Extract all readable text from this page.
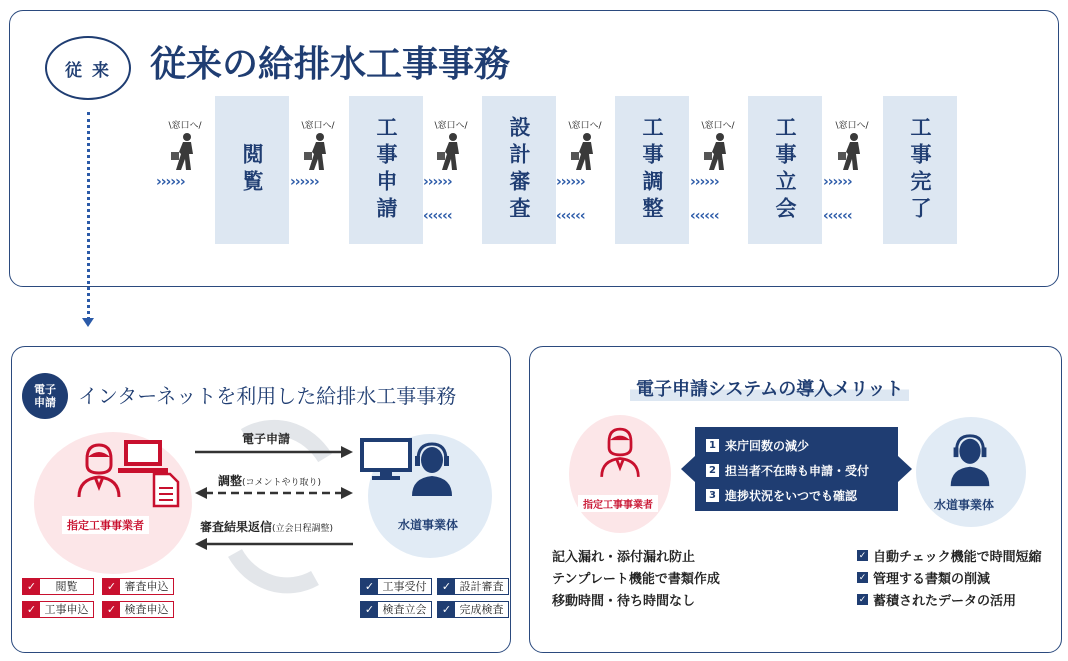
従 来	従来の給排水工事事務
閲覧	工事申請	設計審査	工事調整	工事立会	工事完了
\窓口へ/	\窓口へ/	\窓口へ/	\窓口へ/	\窓口へ/	\窓口へ/
››››››	››››››	››››››	››››››	››››››	››››››
‹‹‹‹‹‹	‹‹‹‹‹‹	‹‹‹‹‹‹	‹‹‹‹‹‹
電子
申請 インターネットを利用した給排水工事事務
指定工事事業者	水道事業体
電子申請
調整(コメントやり取り)
審査結果返信(立会日程調整)
✓	閲覧	✓ 審査申込
✓ 工事申込	✓ 検査申込
✓ 工事受付	✓ 設計審査
✓ 検査立会	✓ 完成検査
電子申請システムの導入メリット
指定工事事業者	水道事業体
1 来庁回数の減少
2 担当者不在時も申請・受付
3 進捗状況をいつでも確認
記入漏れ・添付漏れ防止
テンプレート機能で書類作成
移動時間・待ち時間なし
✓ 自動チェック機能で時間短縮
✓ 管理する書類の削減
✓ 蓄積されたデータの活用
